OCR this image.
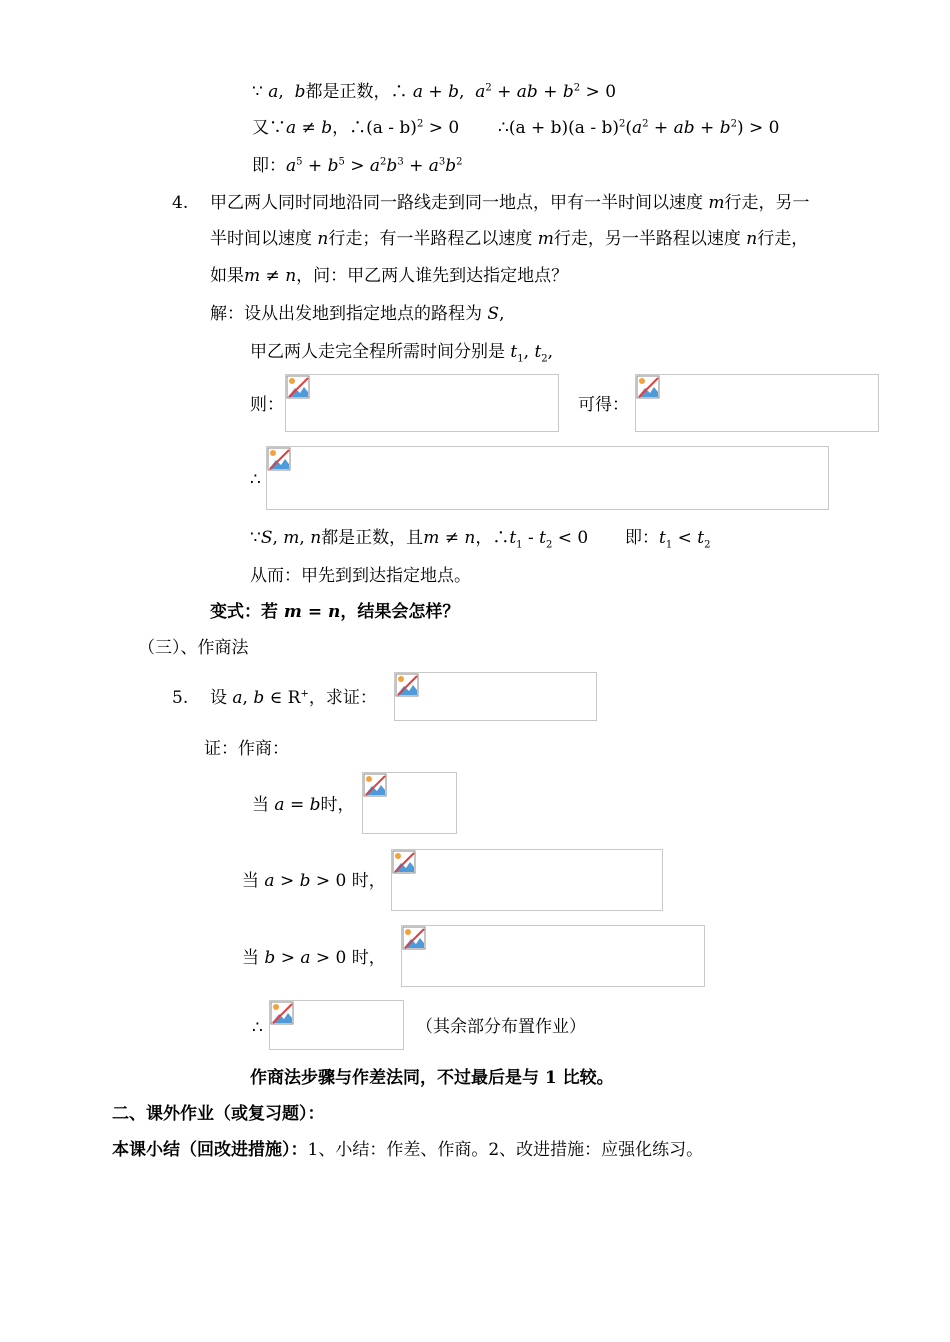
∵ a, b都是正数，∴ a + b, $a^2$ + ab + $b^2 > 0$
又∵a ≠ b，∴(a - b)$^2$ > 0 ∴(a + $b)(a - b)^2(a^2$ + ab + $b^2) > 0$
即：$a^5 + b^5 > a^2b^3 + a^3b^2$
4. 甲乙两人同时同地沿同一路线走到同一地点，甲有一半时间以速度 m行走，另一
半时间以速度 n行走；有一半路程乙以速度 m行走，另一半路程以速度 n行走，
如果m ≠ n，问：甲乙两人谁先到达指定地点？
解：设从出发地到指定地点的路程为 S,
甲乙两人走完全程所需时间分别是 $t_1$, $t_2$,
则：	可得：
∴
∵S, m, n都是正数，且m ≠ n，$\therefore t_1 - t_2 < 0$ 即：$t_1 < t_2$
从而：甲先到到达指定地点。
变式：若 m = n，结果会怎样？
（三）、作商法
5. 设 a, b ∈ R+，求证：
证：作商：
当 a = b时，
当 a > b > 0 时，
当 b > a > 0 时，
∴	（其余部分布置作业）
作商法步骤与作差法同，不过最后是与 1 比较。
二、课外作业（或复习题）：
本课小结（回改进措施）：1、小结：作差、作商。2、改进措施：应强化练习。
